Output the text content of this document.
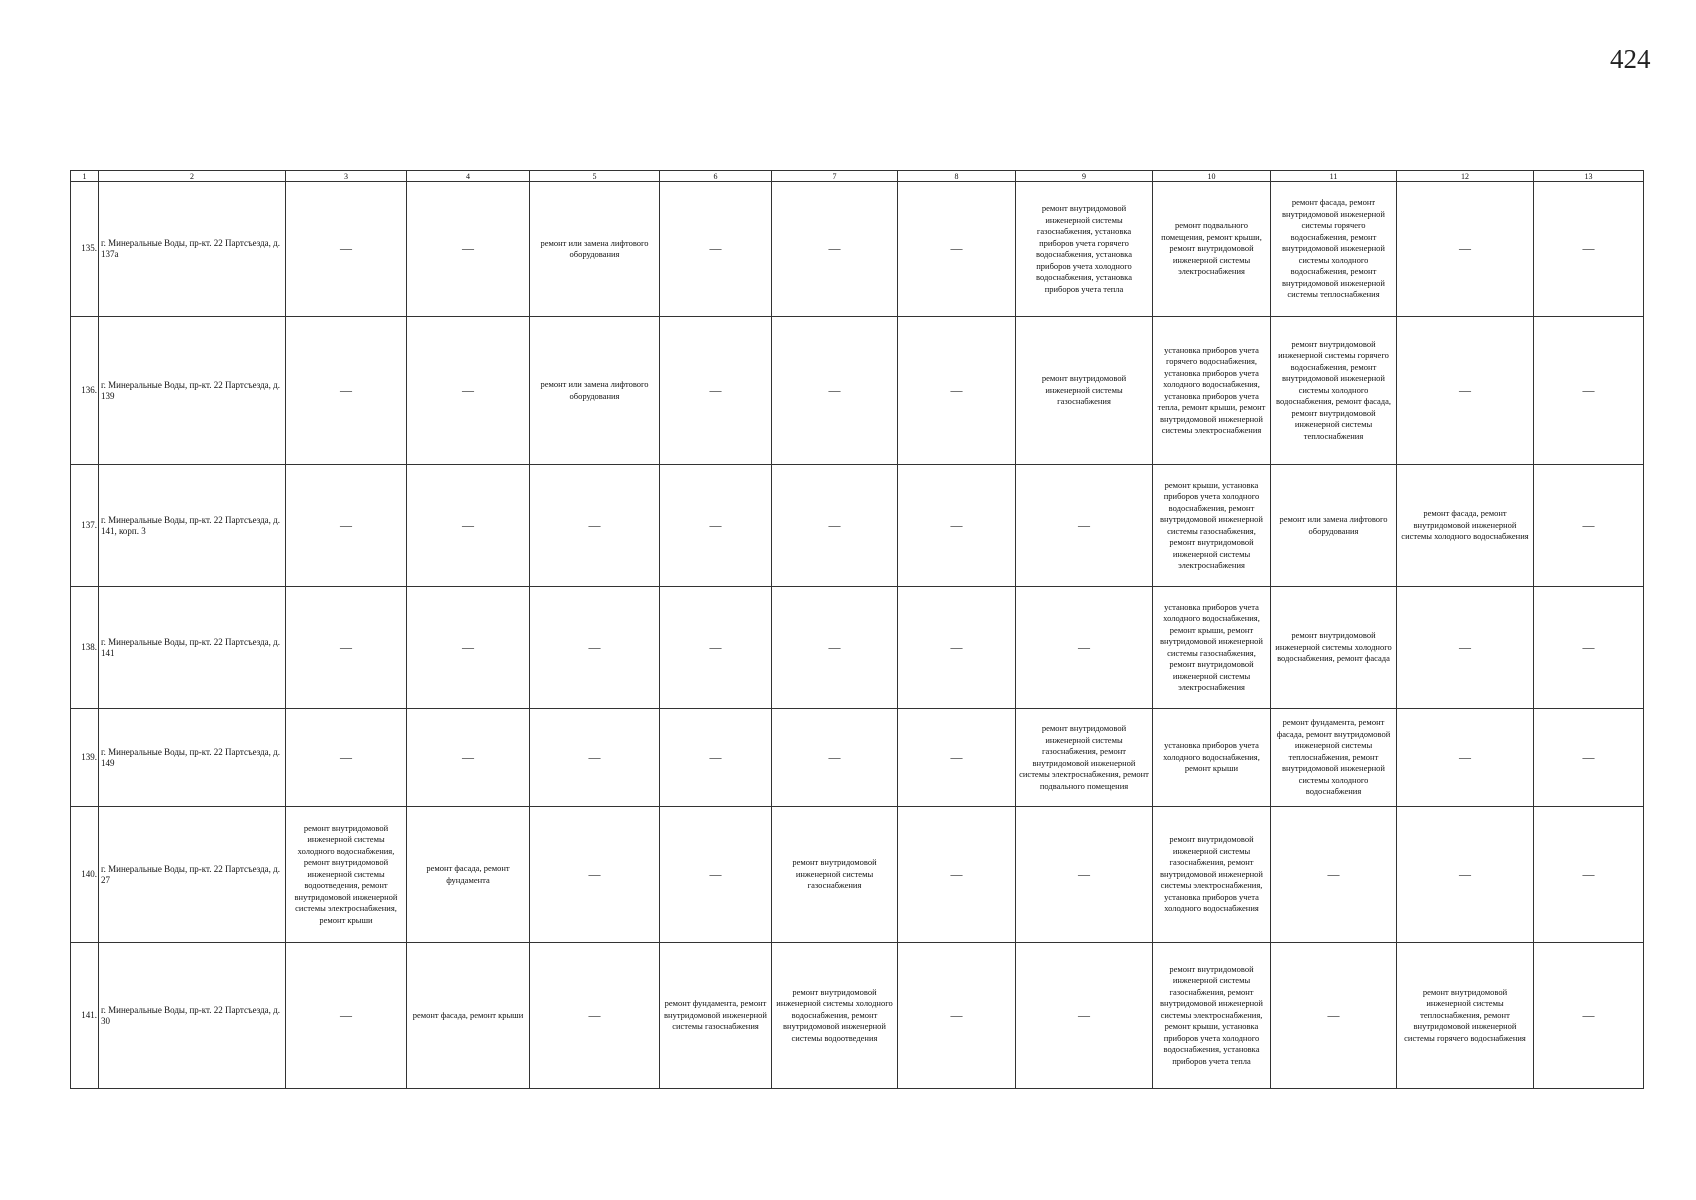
424
1	2	3	4	5	6	7	8	9	10	11	12	13
135.	г. Минеральные Воды, пр-кт. 22 Партсъезда, д. 137а	—	—	ремонт или замена лифтового оборудования	—	—	—	ремонт внутридомовой инженерной системы газоснабжения, установка приборов учета горячего водоснабжения, установка приборов учета холодного водоснабжения, установка приборов учета тепла	ремонт подвального помещения, ремонт крыши, ремонт внутридомовой инженерной системы электроснабжения	ремонт фасада, ремонт внутридомовой инженерной системы горячего водоснабжения, ремонт внутридомовой инженерной системы холодного водоснабжения, ремонт внутридомовой инженерной системы теплоснабжения	—	—
136.	г. Минеральные Воды, пр-кт. 22 Партсъезда, д. 139	—	—	ремонт или замена лифтового оборудования	—	—	—	ремонт внутридомовой инженерной системы газоснабжения	установка приборов учета горячего водоснабжения, установка приборов учета холодного водоснабжения, установка приборов учета тепла, ремонт крыши, ремонт внутридомовой инженерной системы электроснабжения	ремонт внутридомовой инженерной системы горячего водоснабжения, ремонт внутридомовой инженерной системы холодного водоснабжения, ремонт фасада, ремонт внутридомовой инженерной системы теплоснабжения	—	—
137.	г. Минеральные Воды, пр-кт. 22 Партсъезда, д. 141, корп. 3	—	—	—	—	—	—	—	ремонт крыши, установка приборов учета холодного водоснабжения, ремонт внутридомовой инженерной системы газоснабжения, ремонт внутридомовой инженерной системы электроснабжения	ремонт или замена лифтового оборудования	ремонт фасада, ремонт внутридомовой инженерной системы холодного водоснабжения	—
138.	г. Минеральные Воды, пр-кт. 22 Партсъезда, д. 141	—	—	—	—	—	—	—	установка приборов учета холодного водоснабжения, ремонт крыши, ремонт внутридомовой инженерной системы газоснабжения, ремонт внутридомовой инженерной системы электроснабжения	ремонт внутридомовой инженерной системы холодного водоснабжения, ремонт фасада	—	—
139.	г. Минеральные Воды, пр-кт. 22 Партсъезда, д. 149	—	—	—	—	—	—	ремонт внутридомовой инженерной системы газоснабжения, ремонт внутридомовой инженерной системы электроснабжения, ремонт подвального помещения	установка приборов учета холодного водоснабжения, ремонт крыши	ремонт фундамента, ремонт фасада, ремонт внутридомовой инженерной системы теплоснабжения, ремонт внутридомовой инженерной системы холодного водоснабжения	—	—
140.	г. Минеральные Воды, пр-кт. 22 Партсъезда, д. 27	ремонт внутридомовой инженерной системы холодного водоснабжения, ремонт внутридомовой инженерной системы водоотведения, ремонт внутридомовой инженерной системы электроснабжения, ремонт крыши	ремонт фасада, ремонт фундамента	—	—	ремонт внутридомовой инженерной системы газоснабжения	—	—	ремонт внутридомовой инженерной системы газоснабжения, ремонт внутридомовой инженерной системы электроснабжения, установка приборов учета холодного водоснабжения	—	—	—
141.	г. Минеральные Воды, пр-кт. 22 Партсъезда, д. 30	—	ремонт фасада, ремонт крыши	—	ремонт фундамента, ремонт внутридомовой инженерной системы газоснабжения	ремонт внутридомовой инженерной системы холодного водоснабжения, ремонт внутридомовой инженерной системы водоотведения	—	—	ремонт внутридомовой инженерной системы газоснабжения, ремонт внутридомовой инженерной системы электроснабжения, ремонт крыши, установка приборов учета холодного водоснабжения, установка приборов учета тепла	—	ремонт внутридомовой инженерной системы теплоснабжения, ремонт внутридомовой инженерной системы горячего водоснабжения	—
